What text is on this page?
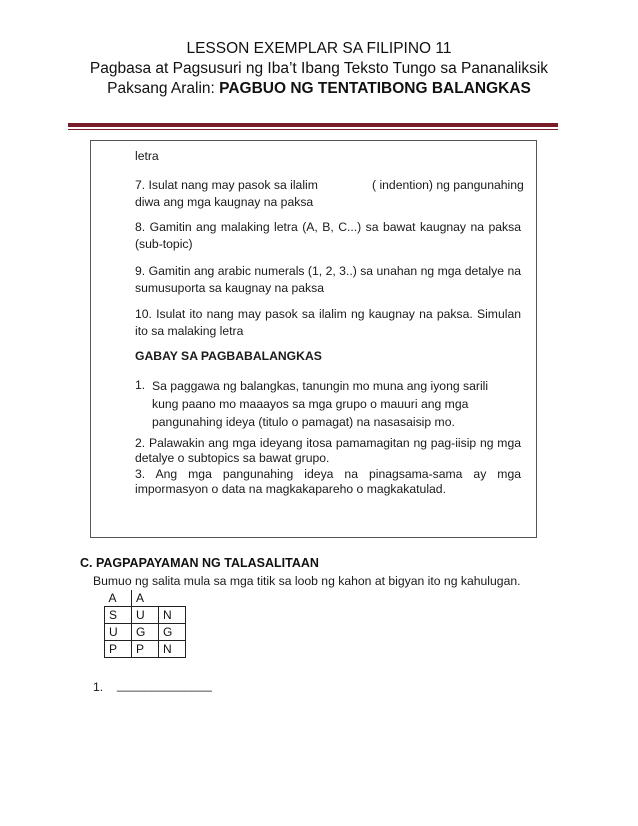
LESSON EXEMPLAR SA FILIPINO 11
Pagbasa at Pagsusuri ng Iba’t Ibang Teksto Tungo sa Pananaliksik
Paksang Aralin: PAGBUO NG TENTATIBONG BALANGKAS
letra
7. Isulat nang may pasok sa ilalim	( indention) ng pangunahing
diwa ang mga kaugnay na paksa
8. Gamitin ang malaking letra (A, B, C...) sa bawat kaugnay na paksa (sub-topic)
9. Gamitin ang arabic numerals (1, 2, 3..) sa unahan ng mga detalye na sumusuporta sa kaugnay na paksa
10. Isulat ito nang may pasok sa ilalim ng kaugnay na paksa. Simulan ito sa malaking letra
GABAY SA PAGBABALANGKAS
1. Sa paggawa ng balangkas, tanungin mo muna ang iyong sarili kung paano mo maaayos sa mga grupo o mauuri ang mga pangunahing ideya (titulo o pamagat) na nasasaisip mo.
2. Palawakin ang mga ideyang itosa pamamagitan ng pag-iisip ng mga detalye o subtopics sa bawat grupo.
3. Ang mga pangunahing ideya na pinagsama-sama ay mga impormasyon o data na magkakapareho o magkakatulad.
C. PAGPAPAYAMAN NG TALASALITAAN
Bumuo ng salita mula sa mga titik sa loob ng kahon at bigyan ito ng kahulugan.
A	A	
S	U	N
U	G	G
P	P	N
1. ______________
